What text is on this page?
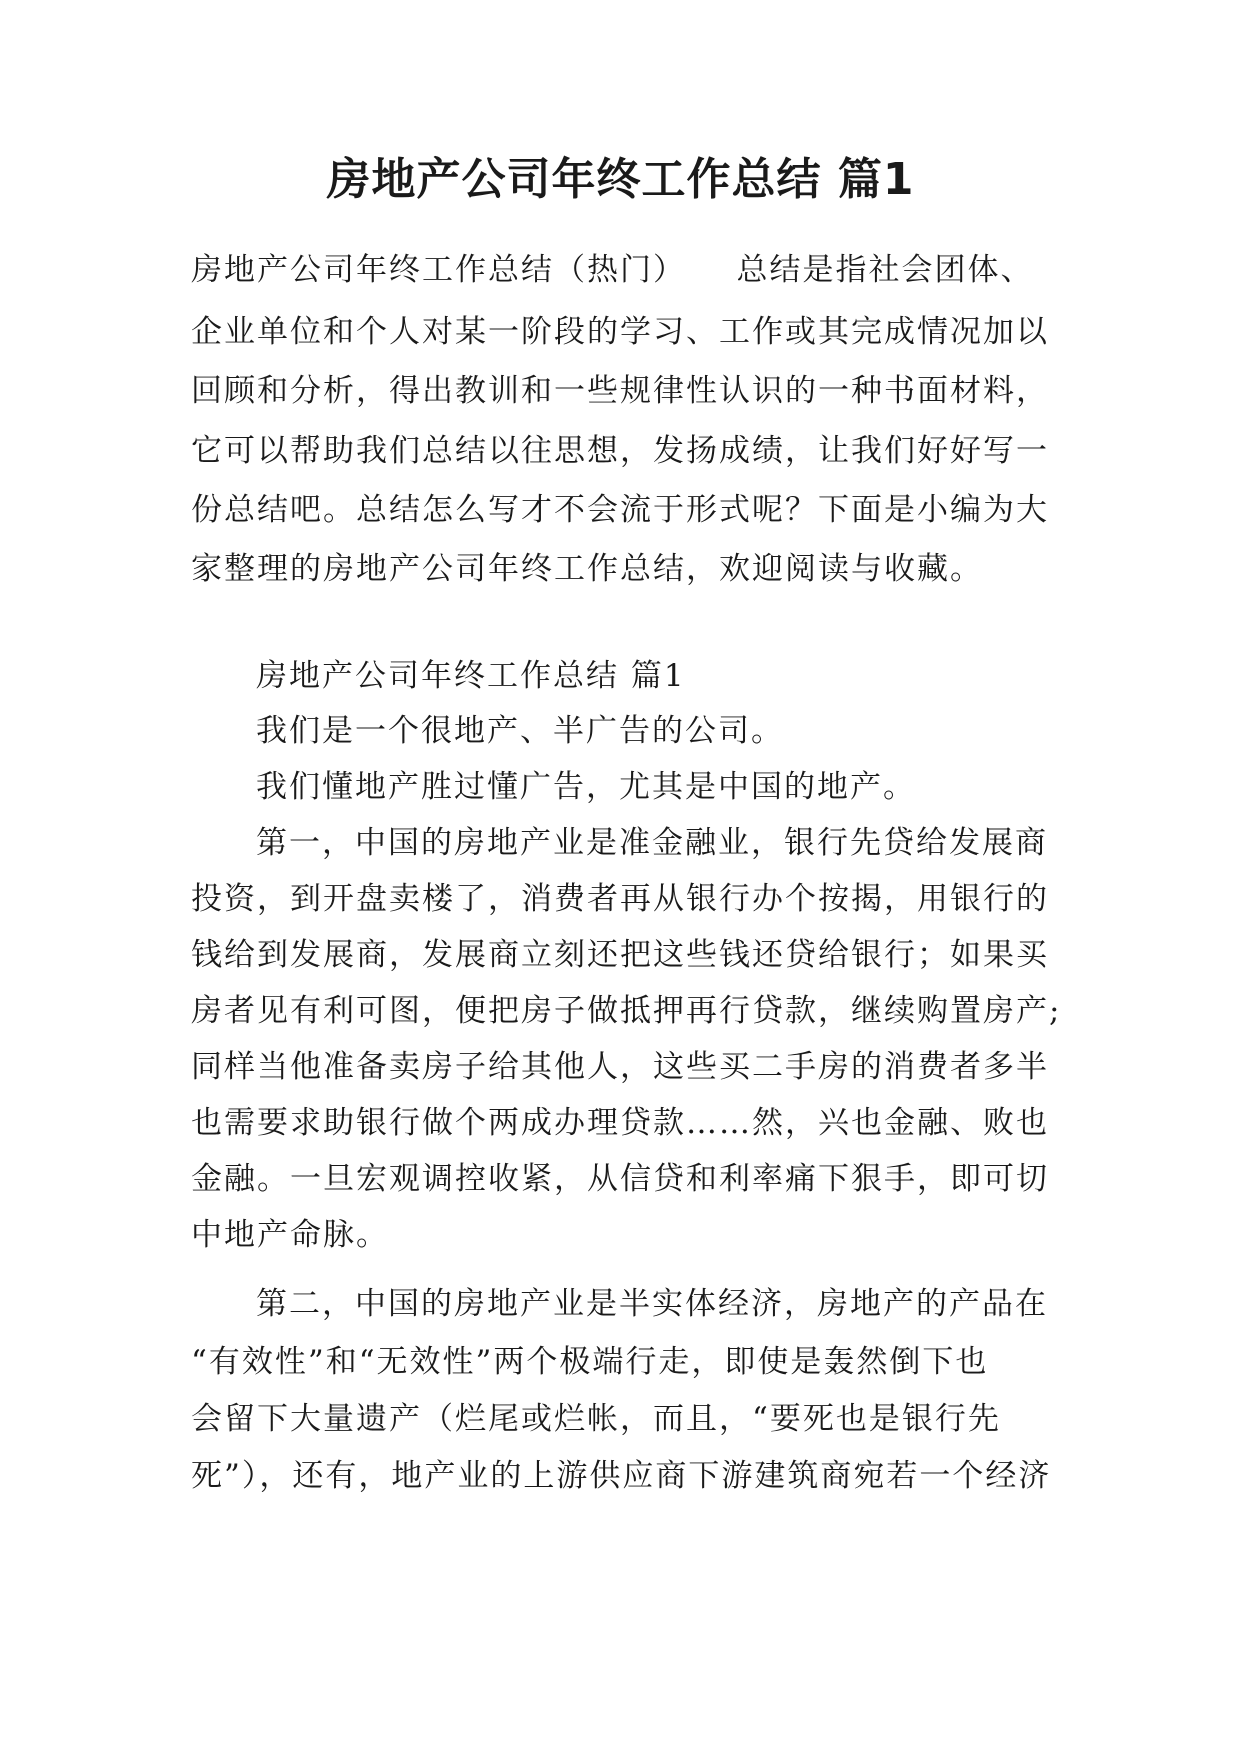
房地产公司年终工作总结 篇1
房地产公司年终工作总结（热门）　　总结是指社会团体、
企业单位和个人对某一阶段的学习、工作或其完成情况加以
回顾和分析，得出教训和一些规律性认识的一种书面材料，
它可以帮助我们总结以往思想，发扬成绩，让我们好好写一
份总结吧。总结怎么写才不会流于形式呢？下面是小编为大
家整理的房地产公司年终工作总结，欢迎阅读与收藏。
房地产公司年终工作总结 篇1
我们是一个很地产、半广告的公司。
我们懂地产胜过懂广告，尤其是中国的地产。
第一，中国的房地产业是准金融业，银行先贷给发展商
投资，到开盘卖楼了，消费者再从银行办个按揭，用银行的
钱给到发展商，发展商立刻还把这些钱还贷给银行；如果买
房者见有利可图，便把房子做抵押再行贷款，继续购置房产;
同样当他准备卖房子给其他人，这些买二手房的消费者多半
也需要求助银行做个两成办理贷款……然，兴也金融、败也
金融。一旦宏观调控收紧，从信贷和利率痛下狠手，即可切
中地产命脉。
第二，中国的房地产业是半实体经济，房地产的产品在
“有效性”和“无效性”两个极端行走，即使是轰然倒下也
会留下大量遗产（烂尾或烂帐，而且，“要死也是银行先
死”），还有，地产业的上游供应商下游建筑商宛若一个经济
